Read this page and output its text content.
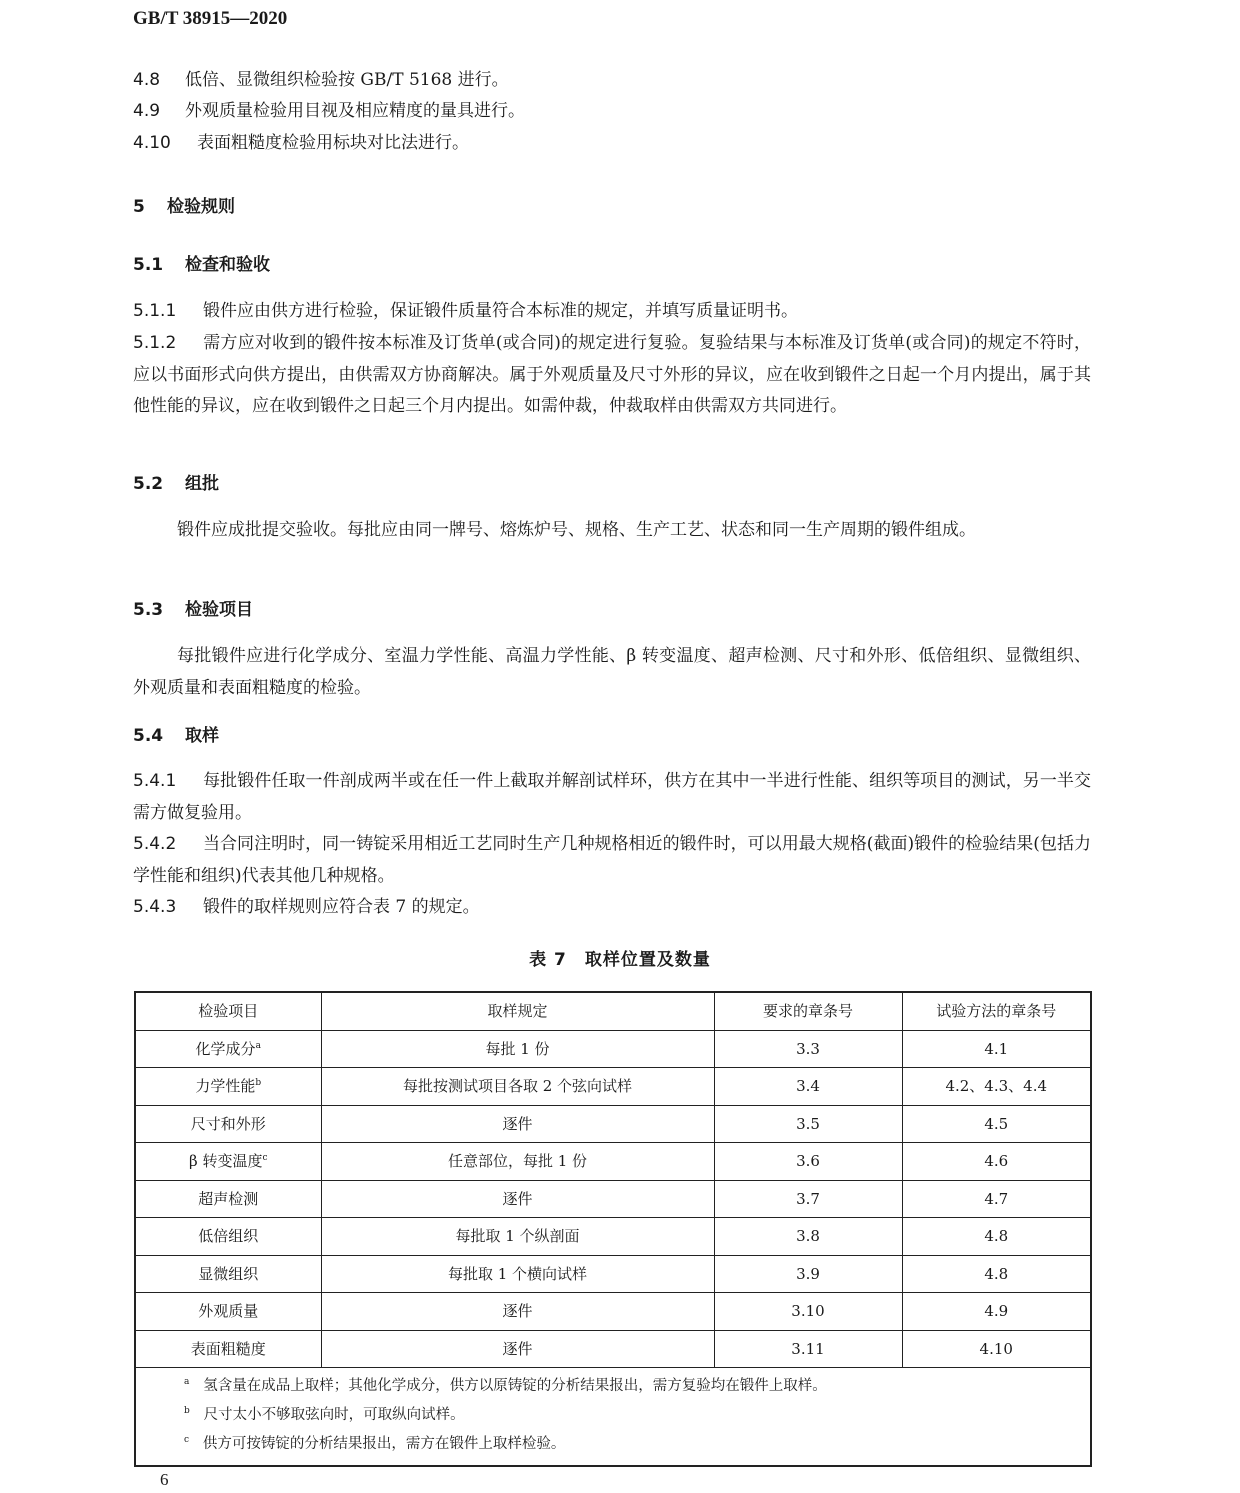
GB/T 38915—2020
4.8 低倍、显微组织检验按 GB/T 5168 进行。
4.9 外观质量检验用目视及相应精度的量具进行。
4.10 表面粗糙度检验用标块对比法进行。
5 检验规则
5.1 检查和验收
5.1.1 锻件应由供方进行检验，保证锻件质量符合本标准的规定，并填写质量证明书。
5.1.2 需方应对收到的锻件按本标准及订货单(或合同)的规定进行复验。复验结果与本标准及订货单(或合同)的规定不符时，应以书面形式向供方提出，由供需双方协商解决。属于外观质量及尺寸外形的异议，应在收到锻件之日起一个月内提出，属于其他性能的异议，应在收到锻件之日起三个月内提出。如需仲裁，仲裁取样由供需双方共同进行。
5.2 组批
锻件应成批提交验收。每批应由同一牌号、熔炼炉号、规格、生产工艺、状态和同一生产周期的锻件组成。
5.3 检验项目
每批锻件应进行化学成分、室温力学性能、高温力学性能、β 转变温度、超声检测、尺寸和外形、低倍组织、显微组织、外观质量和表面粗糙度的检验。
5.4 取样
5.4.1 每批锻件任取一件剖成两半或在任一件上截取并解剖试样环，供方在其中一半进行性能、组织等项目的测试，另一半交需方做复验用。
5.4.2 当合同注明时，同一铸锭采用相近工艺同时生产几种规格相近的锻件时，可以用最大规格(截面)锻件的检验结果(包括力学性能和组织)代表其他几种规格。
5.4.3 锻件的取样规则应符合表 7 的规定。
表 7　取样位置及数量
检验项目	取样规定	要求的章条号	试验方法的章条号
化学成分$^a$	每批 1 份	3.3	4.1
力学性能$^b$	每批按测试项目各取 2 个弦向试样	3.4	4.2、4.3、4.4
尺寸和外形	逐件	3.5	4.5
β 转变温度$^c$	任意部位，每批 1 份	3.6	4.6
超声检测	逐件	3.7	4.7
低倍组织	每批取 1 个纵剖面	3.8	4.8
显微组织	每批取 1 个横向试样	3.9	4.8
外观质量	逐件	3.10	4.9
表面粗糙度	逐件	3.11	4.10

$^a$ 氢含量在成品上取样；其他化学成分，供方以原铸锭的分析结果报出，需方复验均在锻件上取样。
$^b$ 尺寸太小不够取弦向时，可取纵向试样。
$^c$ 供方可按铸锭的分析结果报出，需方在锻件上取样检验。			
6
